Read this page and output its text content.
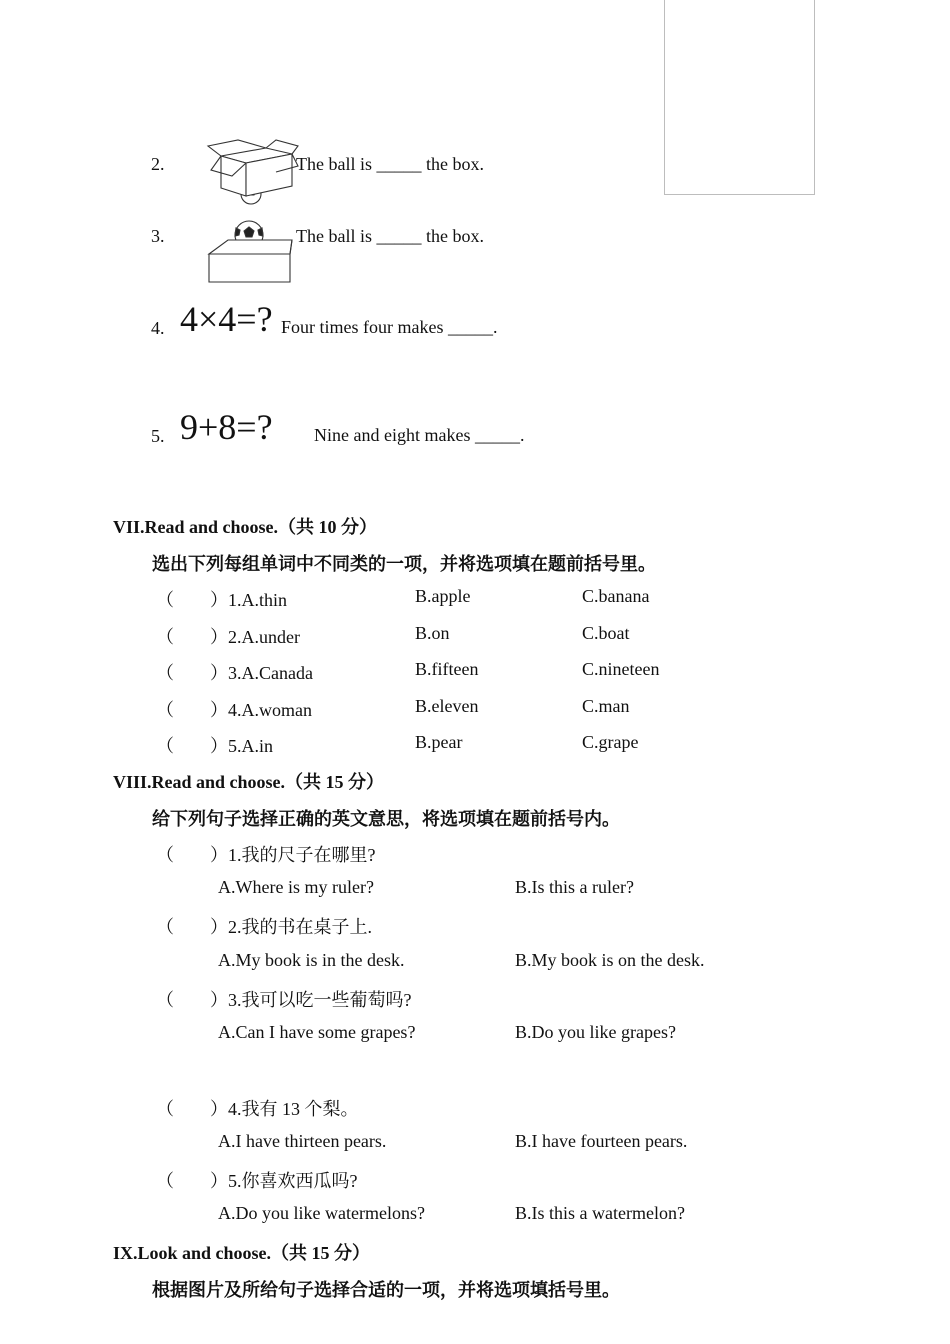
2.	The ball is _____ the box.
3.	The ball is _____ the box.
4. 4×4=? Four times four makes _____.
5. 9+8=? Nine and eight makes _____.
VII.Read and choose.（共 10 分）
选出下列每组单词中不同类的一项，并将选项填在题前括号里。
（ ）1.A.thin	B.apple	C.banana
（ ）2.A.under	B.on	C.boat
（ ）3.A.Canada	B.fifteen	C.nineteen
（ ）4.A.woman	B.eleven	C.man
（ ）5.A.in	B.pear	C.grape
VIII.Read and choose.（共 15 分）
给下列句子选择正确的英文意思，将选项填在题前括号内。
（ ）1.我的尺子在哪里?
A.Where is my ruler?	B.Is this a ruler?
（ ）2.我的书在桌子上.
A.My book is in the desk.	B.My book is on the desk.
（ ）3.我可以吃一些葡萄吗?
A.Can I have some grapes?	B.Do you like grapes?
（ ）4.我有 13 个梨。
A.I have thirteen pears.	B.I have fourteen pears.
（ ）5.你喜欢西瓜吗?
A.Do you like watermelons?	B.Is this a watermelon?
IX.Look and choose.（共 15 分）
根据图片及所给句子选择合适的一项，并将选项填括号里。
